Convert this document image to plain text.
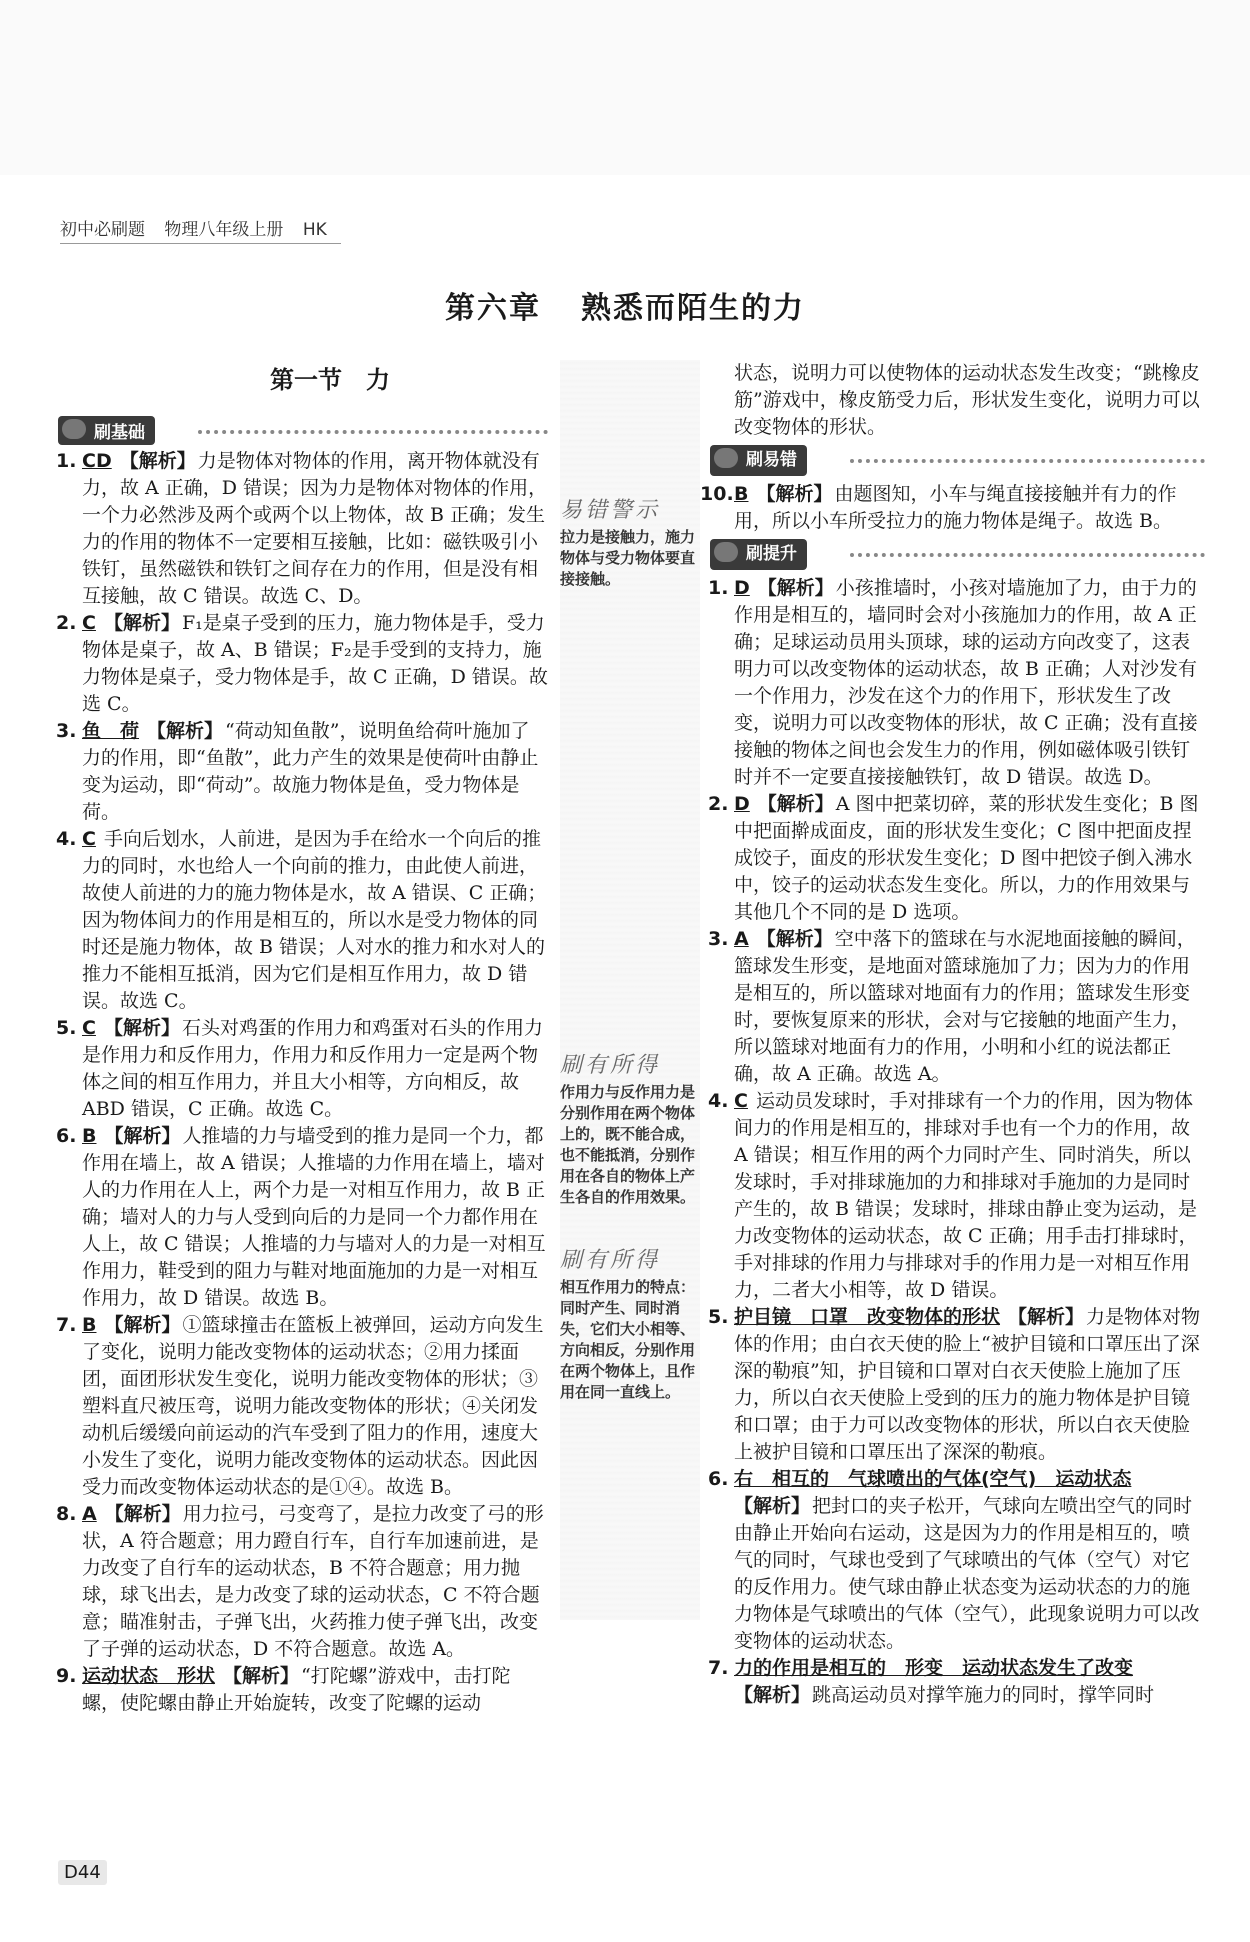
初中必刷题 物理八年级上册 HK
第六章 熟悉而陌生的力
第一节　力
刷基础

1. CD 【解析】 力是物体对物体的作用，离开物体就没有力，故 A 正确，D 错误；因为力是物体对物体的作用，一个力必然涉及两个或两个以上物体，故 B 正确；发生力的作用的物体不一定要相互接触，比如：磁铁吸引小铁钉，虽然磁铁和铁钉之间存在力的作用，但是没有相互接触，故 C 错误。故选 C、D。

2. C 【解析】 F₁是桌子受到的压力，施力物体是手，受力物体是桌子，故 A、B 错误；F₂是手受到的支持力，施力物体是桌子，受力物体是手，故 C 正确，D 错误。故选 C。

3. 鱼　荷 【解析】 “荷动知鱼散”，说明鱼给荷叶施加了力的作用，即“鱼散”，此力产生的效果是使荷叶由静止变为运动，即“荷动”。故施力物体是鱼，受力物体是荷。

4. C 手向后划水，人前进，是因为手在给水一个向后的推力的同时，水也给人一个向前的推力，由此使人前进，故使人前进的力的施力物体是水，故 A 错误、C 正确；因为物体间力的作用是相互的，所以水是受力物体的同时还是施力物体，故 B 错误；人对水的推力和水对人的推力不能相互抵消，因为它们是相互作用力，故 D 错误。故选 C。

5. C 【解析】 石头对鸡蛋的作用力和鸡蛋对石头的作用力是作用力和反作用力，作用力和反作用力一定是两个物体之间的相互作用力，并且大小相等，方向相反，故 ABD 错误，C 正确。故选 C。

6. B 【解析】 人推墙的力与墙受到的推力是同一个力，都作用在墙上，故 A 错误；人推墙的力作用在墙上，墙对人的力作用在人上，两个力是一对相互作用力，故 B 正确；墙对人的力与人受到向后的力是同一个力都作用在人上，故 C 错误；人推墙的力与墙对人的力是一对相互作用力，鞋受到的阻力与鞋对地面施加的力是一对相互作用力，故 D 错误。故选 B。

7. B 【解析】 ①篮球撞击在篮板上被弹回，运动方向发生了变化，说明力能改变物体的运动状态；②用力揉面团，面团形状发生变化，说明力能改变物体的形状；③塑料直尺被压弯，说明力能改变物体的形状；④关闭发动机后缓缓向前运动的汽车受到了阻力的作用，速度大小发生了变化，说明力能改变物体的运动状态。因此因受力而改变物体运动状态的是①④。故选 B。

8. A 【解析】 用力拉弓，弓变弯了，是拉力改变了弓的形状，A 符合题意；用力蹬自行车，自行车加速前进，是力改变了自行车的运动状态，B 不符合题意；用力抛球，球飞出去，是力改变了球的运动状态，C 不符合题意；瞄准射击，子弹飞出，火药推力使子弹飞出，改变了子弹的运动状态，D 不符合题意。故选 A。

9. 运动状态　形状 【解析】 “打陀螺”游戏中，击打陀螺，使陀螺由静止开始旋转，改变了陀螺的运动

易错警示
拉力是接触力，施力物体与受力物体要直接接触。
刷有所得
作用力与反作用力是分别作用在两个物体上的，既不能合成，也不能抵消，分别作用在各自的物体上产生各自的作用效果。
刷有所得
相互作用力的特点：同时产生、同时消失，它们大小相等、方向相反，分别作用在两个物体上，且作用在同一直线上。

状态，说明力可以使物体的运动状态发生改变；“跳橡皮筋”游戏中，橡皮筋受力后，形状发生变化，说明力可以改变物体的形状。

刷易错

10. B 【解析】 由题图知，小车与绳直接接触并有力的作用，所以小车所受拉力的施力物体是绳子。故选 B。

刷提升

1. D 【解析】 小孩推墙时，小孩对墙施加了力，由于力的作用是相互的，墙同时会对小孩施加力的作用，故 A 正确；足球运动员用头顶球，球的运动方向改变了，这表明力可以改变物体的运动状态，故 B 正确；人对沙发有一个作用力，沙发在这个力的作用下，形状发生了改变，说明力可以改变物体的形状，故 C 正确；没有直接接触的物体之间也会发生力的作用，例如磁体吸引铁钉时并不一定要直接接触铁钉，故 D 错误。故选 D。

2. D 【解析】 A 图中把菜切碎，菜的形状发生变化；B 图中把面擀成面皮，面的形状发生变化；C 图中把面皮捏成饺子，面皮的形状发生变化；D 图中把饺子倒入沸水中，饺子的运动状态发生变化。所以，力的作用效果与其他几个不同的是 D 选项。

3. A 【解析】 空中落下的篮球在与水泥地面接触的瞬间，篮球发生形变，是地面对篮球施加了力；因为力的作用是相互的，所以篮球对地面有力的作用；篮球发生形变时，要恢复原来的形状，会对与它接触的地面产生力，所以篮球对地面有力的作用，小明和小红的说法都正确，故 A 正确。故选 A。

4. C 运动员发球时，手对排球有一个力的作用，因为物体间力的作用是相互的，排球对手也有一个力的作用，故 A 错误；相互作用的两个力同时产生、同时消失，所以发球时，手对排球施加的力和排球对手施加的力是同时产生的，故 B 错误；发球时，排球由静止变为运动，是力改变物体的运动状态，故 C 正确；用手击打排球时，手对排球的作用力与排球对手的作用力是一对相互作用力，二者大小相等，故 D 错误。

5. 护目镜　口罩　改变物体的形状 【解析】 力是物体对物体的作用；由白衣天使的脸上“被护目镜和口罩压出了深深的勒痕”知，护目镜和口罩对白衣天使脸上施加了压力，所以白衣天使脸上受到的压力的施力物体是护目镜和口罩；由于力可以改变物体的形状，所以白衣天使脸上被护目镜和口罩压出了深深的勒痕。

6. 右　相互的　气球喷出的气体(空气)　运动状态
【解析】 把封口的夹子松开，气球向左喷出空气的同时由静止开始向右运动，这是因为力的作用是相互的，喷气的同时，气球也受到了气球喷出的气体（空气）对它的反作用力。使气球由静止状态变为运动状态的力的施力物体是气球喷出的气体（空气），此现象说明力可以改变物体的运动状态。

7. 力的作用是相互的　形变　运动状态发生了改变
【解析】 跳高运动员对撑竿施力的同时，撑竿同时

D44
